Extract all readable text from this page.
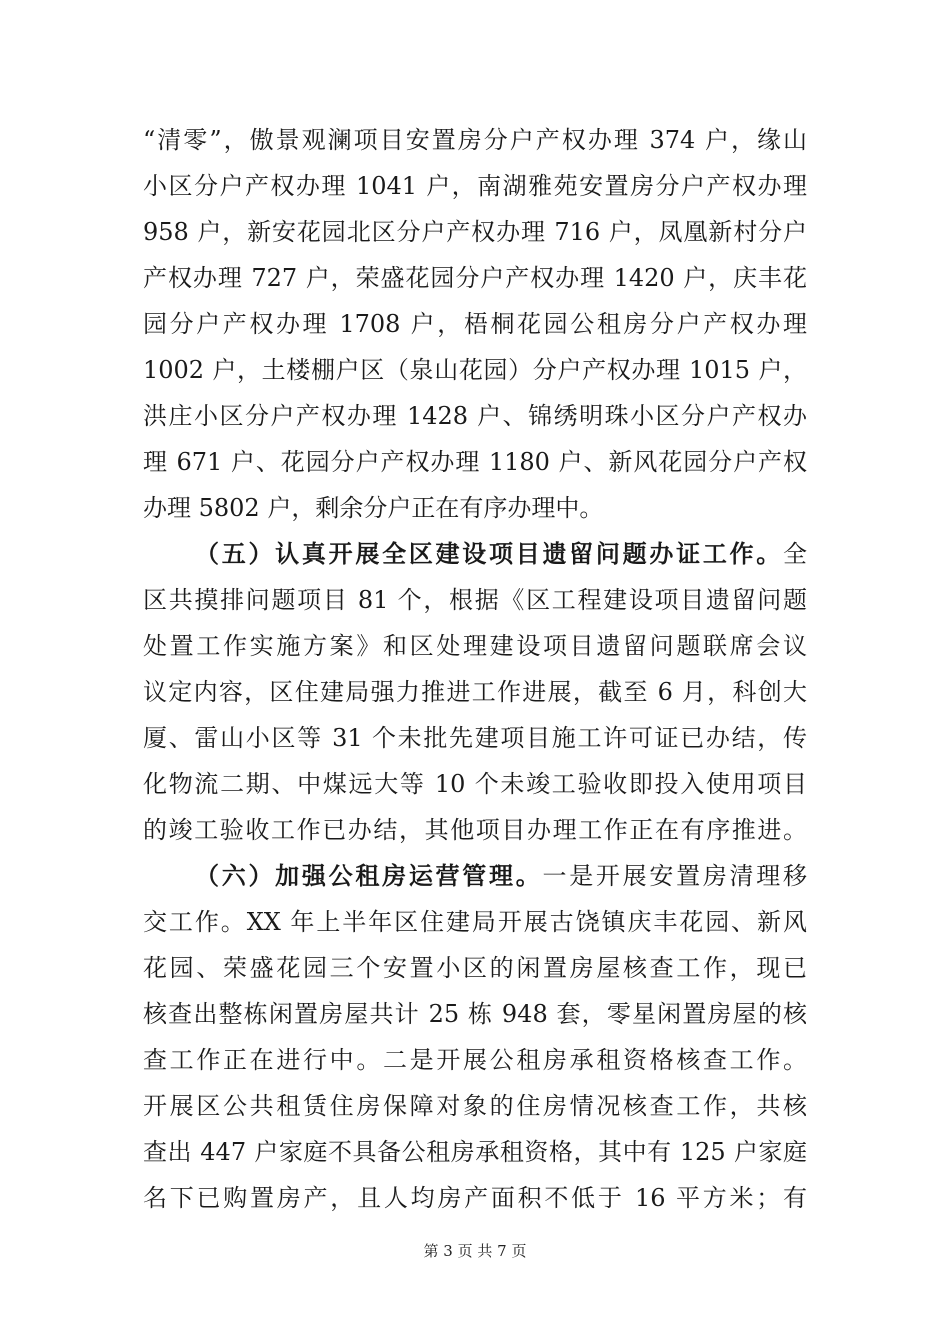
“清零”，傲景观澜项目安置房分户产权办理 374 户，缘山
小区分户产权办理 1041 户，南湖雅苑安置房分户产权办理
958 户，新安花园北区分户产权办理 716 户，凤凰新村分户
产权办理 727 户，荣盛花园分户产权办理 1420 户，庆丰花
园分户产权办理 1708 户，梧桐花园公租房分户产权办理
1002 户，土楼棚户区（泉山花园）分户产权办理 1015 户，
洪庄小区分户产权办理 1428 户、锦绣明珠小区分户产权办
理 671 户、花园分户产权办理 1180 户、新风花园分户产权
办理 5802 户，剩余分户正在有序办理中。
（五）认真开展全区建设项目遗留问题办证工作。全
区共摸排问题项目 81 个，根据《区工程建设项目遗留问题
处置工作实施方案》和区处理建设项目遗留问题联席会议
议定内容，区住建局强力推进工作进展，截至 6 月，科创大
厦、雷山小区等 31 个未批先建项目施工许可证已办结，传
化物流二期、中煤远大等 10 个未竣工验收即投入使用项目
的竣工验收工作已办结，其他项目办理工作正在有序推进。
（六）加强公租房运营管理。一是开展安置房清理移
交工作。XX 年上半年区住建局开展古饶镇庆丰花园、新风
花园、荣盛花园三个安置小区的闲置房屋核查工作，现已
核查出整栋闲置房屋共计 25 栋 948 套，零星闲置房屋的核
查工作正在进行中。二是开展公租房承租资格核查工作。
开展区公共租赁住房保障对象的住房情况核查工作，共核
查出 447 户家庭不具备公租房承租资格，其中有 125 户家庭
名下已购置房产，且人均房产面积不低于 16 平方米；有
第 3 页 共 7 页
